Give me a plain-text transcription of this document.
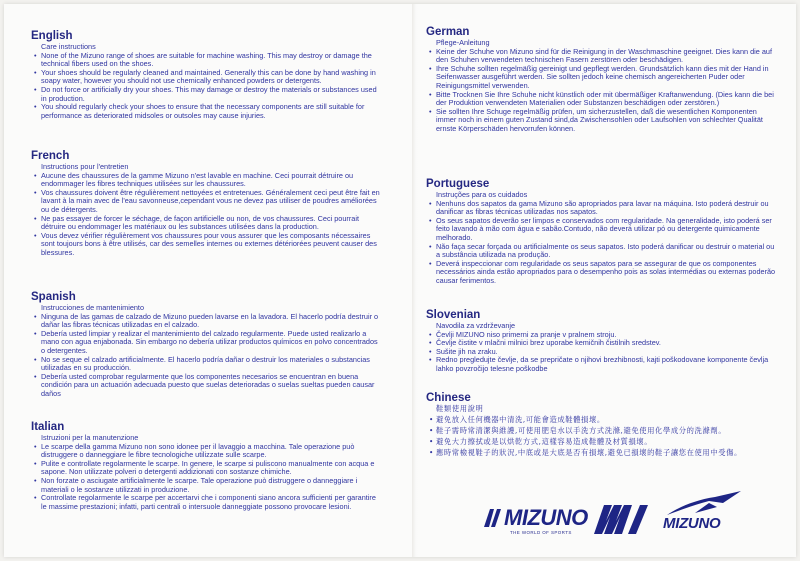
English
Care instructions
• None of the Mizuno range of shoes are suitable for machine washing. This may destroy or damage the technical fibers used on the shoes.
• Your shoes should be regularly cleaned and maintained. Generally this can be done by hand washing in soapy water, however you should not use chemically enhanced powders or detergents.
• Do not force or artificially dry your shoes. This may damage or destroy the materials or substances used in production.
• You should regularly check your shoes to ensure that the necessary components are still suitable for performance as deteriorated midsoles or outsoles may cause injuries.
French
Instructions pour l'entretien
• Aucune des chaussures de la gamme Mizuno n'est lavable en machine. Ceci pourrait détruire ou endommager les fibres techniques utilisées sur les chaussures.
• Vos chaussures doivent être régulièrement nettoyées et entretenues. Généralement ceci peut être fait en lavant à la main avec de l'eau savonneuse,cependant vous ne devez pas utiliser de poudres améliorées ou de détergents.
• Ne pas essayer de forcer le séchage, de façon artificielle ou non, de vos chaussures. Ceci pourrait détruire ou endommager les matériaux ou les substances utilisées dans la production.
• Vous devez vérifier régulièrement vos chaussures pour vous assurer que les composants nécessaires sont toujours bons à être utilisés, car des semelles internes ou externes détériorées peuvent causer des blessures.
Spanish
Instrucciones de mantenimiento
• Ninguna de las gamas de calzado de Mizuno pueden lavarse en la lavadora. El hacerlo podría destruir o dañar las fibras técnicas utilizadas en el calzado.
• Debería usted limpiar y realizar el mantenimiento del calzado regularmente. Puede usted realizarlo a mano con agua enjabonada. Sin embargo no debería utilizar productos químicos en polvo concentrados o detergentes.
• No se seque el calzado artificialmente. El hacerlo podría dañar o destruir los materiales o substancias utilizadas en su producción.
• Debería usted comprobar regularmente que los componentes necesarios se encuentran en buena condición para un actuación adecuada puesto que suelas deterioradas o suelas sueltas pueden causar daños
Italian
Istruzioni per la manutenzione
• Le scarpe della gamma Mizuno non sono idonee per il lavaggio a macchina. Tale operazione può distruggere o danneggiare le fibre tecnologiche utilizzate sulle scarpe.
• Pulite e controllate regolarmente le scarpe. In genere, le scarpe si puliscono manualmente con acqua e sapone. Non utilizzate polveri o detergenti addizionati con sostanze chimiche.
• Non forzate o asciugate artificialmente le scarpe. Tale operazione può distruggere o danneggiare i materiali o le sostanze utilizzati in produzione.
• Controllate regolarmente le scarpe per accertarvi che i componenti siano ancora sufficienti per garantire le massime prestazioni; infatti, parti centrali o intersuole danneggiate possono provocare lesioni.
German
Pflege-Anleitung
• Keine der Schuhe von Mizuno sind für die Reinigung in der Waschmaschine geeignet. Dies kann die auf den Schuhen verwendeten technischen Fasern zerstören oder beschädigen.
• Ihre Schuhe sollten regelmäßig gereinigt und gepflegt werden. Grundsätzlich kann dies mit der Hand in Seifenwasser ausgeführt werden. Sie sollten jedoch keine chemisch angereicherten Puder oder Reinigungsmittel verwenden.
• Bitte Trocknen Sie Ihre Schuhe nicht künstlich oder mit übermäßiger Kraftanwendung. (Dies kann die bei der Produktion verwendeten Materialien oder Substanzen beschädigen oder zerstören.)
• Sie sollten Ihre Schuge regelmäßig prüfen, um sicherzustellen, daß die wesentlichen Komponenten immer noch in einem guten Zustand sind,da Zwischensohlen oder Laufsohlen von schlechter Qualität ernste Körperschäden hervorrufen können.
Portuguese
Instruções para os cuidados
• Nenhuns dos sapatos da gama Mizuno são apropriados para lavar na máquina. Isto poderá destruir ou danificar as fibras técnicas utilizadas nos sapatos.
• Os seus sapatos deverão ser limpos e conservados com regularidade. Na generalidade, isto poderá ser feito lavando à mão com água e sabão.Contudo, não deverá utilizar pó ou detergente quimicamente melhorado.
• Não faça secar forçada ou artificialmente os seus sapatos. Isto poderá danificar ou destruir o material ou a substância utilizada na produção.
• Deverá inspeccionar com regularidade os seus sapatos para se assegurar de que os componentes necessários ainda estão apropriados para o desempenho pois as solas intermédias ou externas poderão causar ferimentos.
Slovenian
Navodila za vzdrževanje
• Čevlji MIZUNO niso primerni za pranje v pralnem stroju.
• Čevlje čistite v mlačni milnici brez uporabe kemičnih čistilnih sredstev.
• Sušite jih na zraku.
• Redno pregledujte čevlje, da se prepričate o njihovi brezhibnosti, kajti poškodovane komponente čevlja lahko povzročijo telesne poškodbe
Chinese
鞋類使用說明
• 避免放入任何機器中清洗,可能會造成鞋體損壞。
• 鞋子需時常清潔與維護,可使用肥皂水以手洗方式洗滌,避免使用化學成分的洗滌劑。
• 避免大力擦拭或是以烘乾方式,這樣容易造成鞋體及材質損壞。
• 應時常檢視鞋子的狀況,中底或是大底是否有損壞,避免已損壞的鞋子讓您在使用中受傷。
MIZUNO
THE WORLD OF SPORTS
MIZUNO
